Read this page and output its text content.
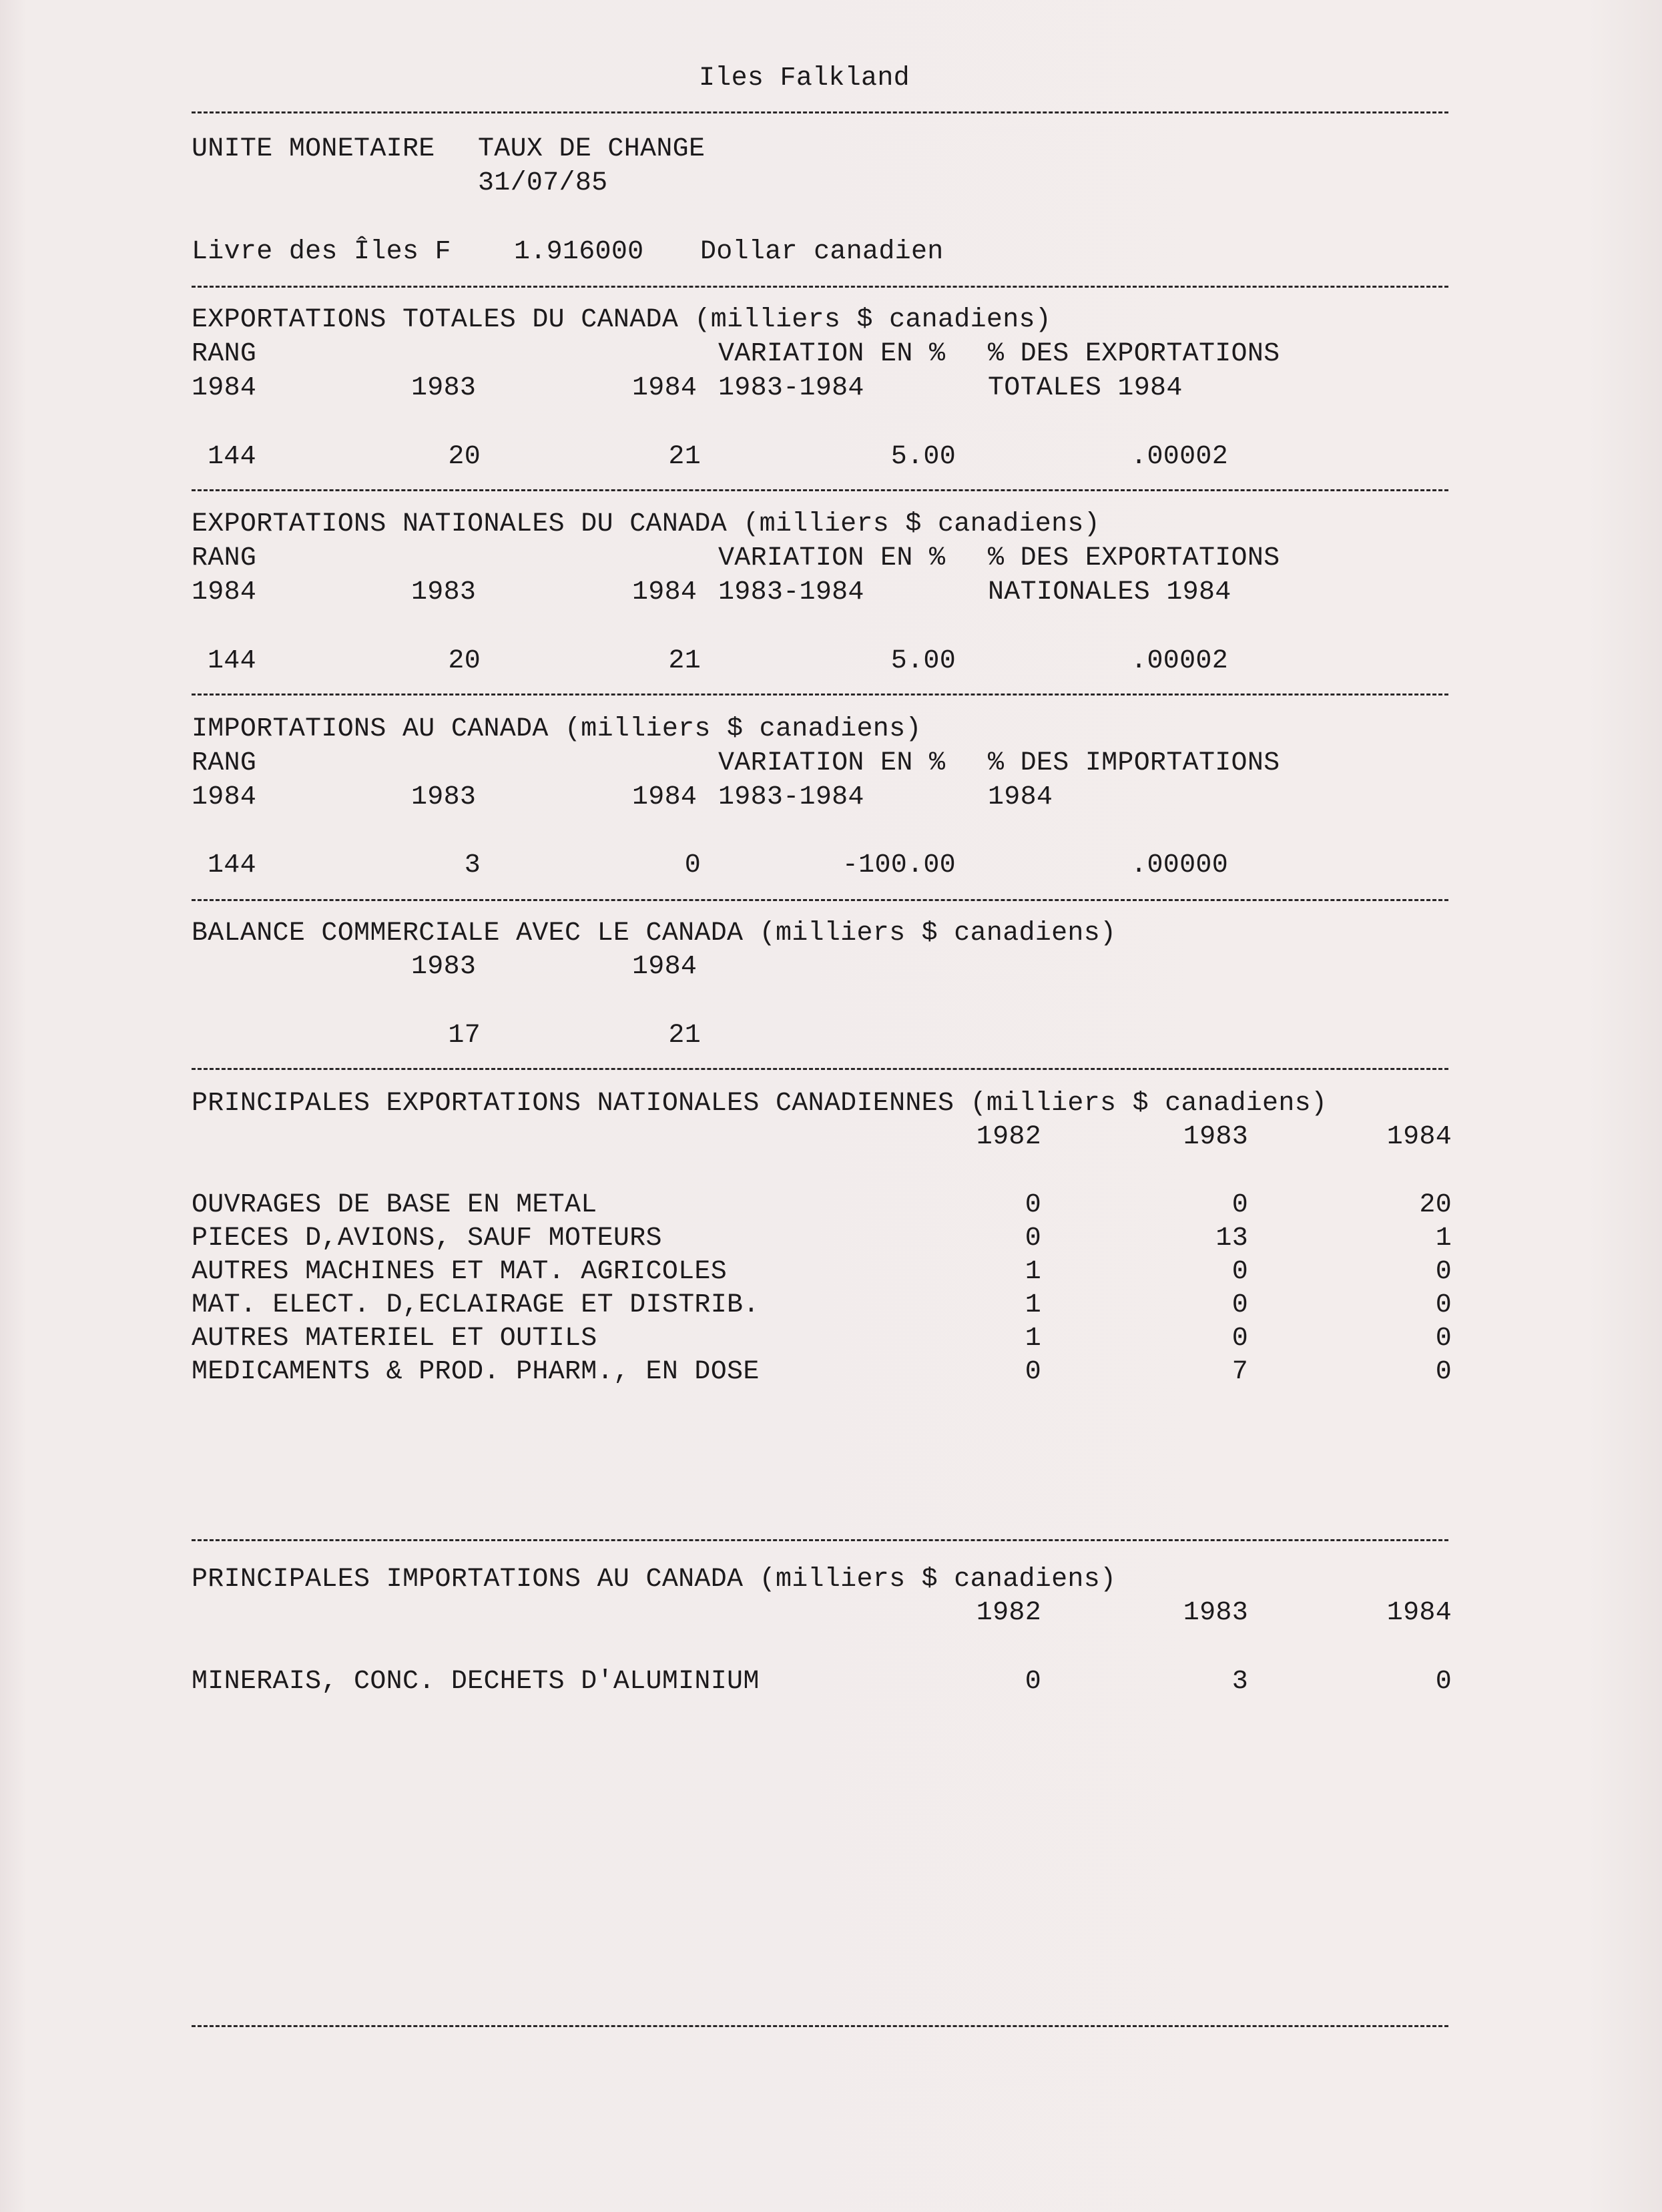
Iles Falkland
UNITE MONETAIRE TAUX DE CHANGE
31/07/85
Livre des Îles F 1.916000 Dollar canadien
EXPORTATIONS TOTALES DU CANADA (milliers $ canadiens)
RANG	VARIATION EN % % DES EXPORTATIONS
1984	1983	1984 1983-1984	TOTALES 1984
144	20	21	5.00	.00002
EXPORTATIONS NATIONALES DU CANADA (milliers $ canadiens)
RANG	VARIATION EN % % DES EXPORTATIONS
1984	1983	1984 1983-1984	NATIONALES 1984
144	20	21	5.00	.00002
IMPORTATIONS AU CANADA (milliers $ canadiens)
RANG	VARIATION EN % % DES IMPORTATIONS
1984	1983	1984 1983-1984	1984
144	3	0	-100.00	.00000
BALANCE COMMERCIALE AVEC LE CANADA (milliers $ canadiens)
1983	1984
17	21
PRINCIPALES EXPORTATIONS NATIONALES CANADIENNES (milliers $ canadiens)
1982	1983	1984
OUVRAGES DE BASE EN METAL	0	0	20
PIECES D,AVIONS, SAUF MOTEURS	0	13	1
AUTRES MACHINES ET MAT. AGRICOLES	1	0	0
MAT. ELECT. D,ECLAIRAGE ET DISTRIB.	1	0	0
AUTRES MATERIEL ET OUTILS	1	0	0
MEDICAMENTS & PROD. PHARM., EN DOSE	0	7	0
PRINCIPALES IMPORTATIONS AU CANADA (milliers $ canadiens)
1982	1983	1984
MINERAIS, CONC. DECHETS D'ALUMINIUM	0	3	0
